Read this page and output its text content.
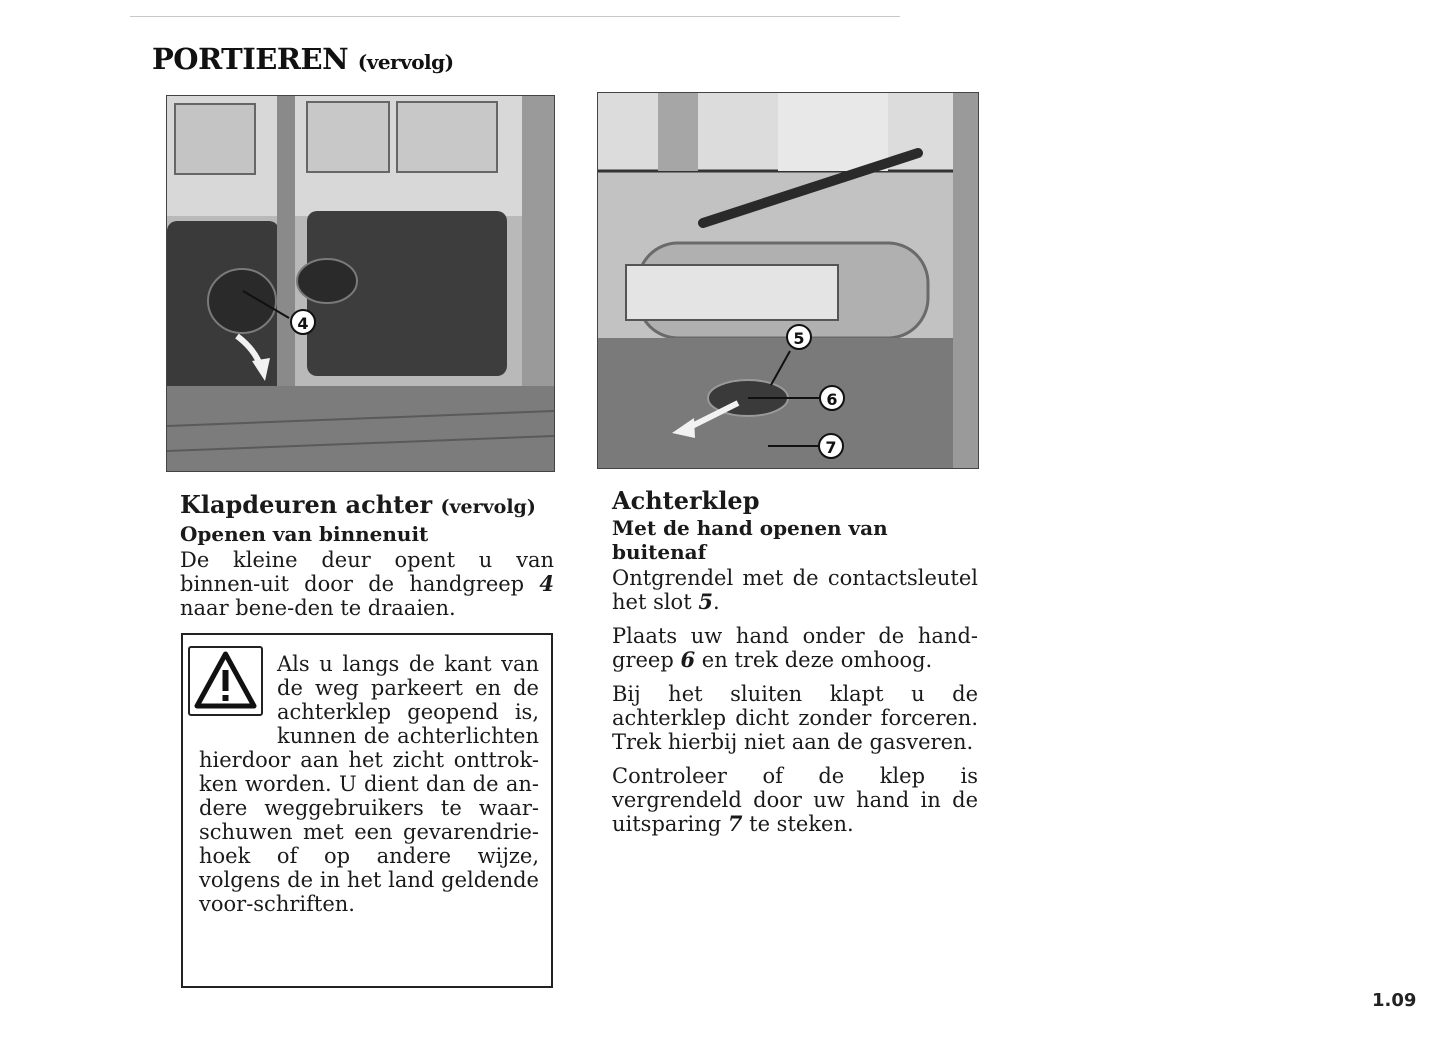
PORTIEREN (vervolg)
4
5
6
7
Klapdeuren achter (vervolg)
Openen van binnenuit

De kleine deur opent u van binnen-uit door de handgreep 4 naar bene-den te draaien.

Als u langs de kant van de weg parkeert en de achterklep geopend is, kunnen de achterlichten hierdoor aan het zicht onttrok-ken worden. U dient dan de an-dere weggebruikers te waar-schuwen met een gevarendrie-hoek of op andere wijze, volgens de in het land geldende voor-schriften.
Achterklep
Met de hand openen van buitenaf

Ontgrendel met de contactsleutel het slot 5.

Plaats uw hand onder de hand-greep 6 en trek deze omhoog.

Bij het sluiten klapt u de achterklep dicht zonder forceren. Trek hierbij niet aan de gasveren.

Controleer of de klep is vergrendeld door uw hand in de uitsparing 7 te steken.

1.09
